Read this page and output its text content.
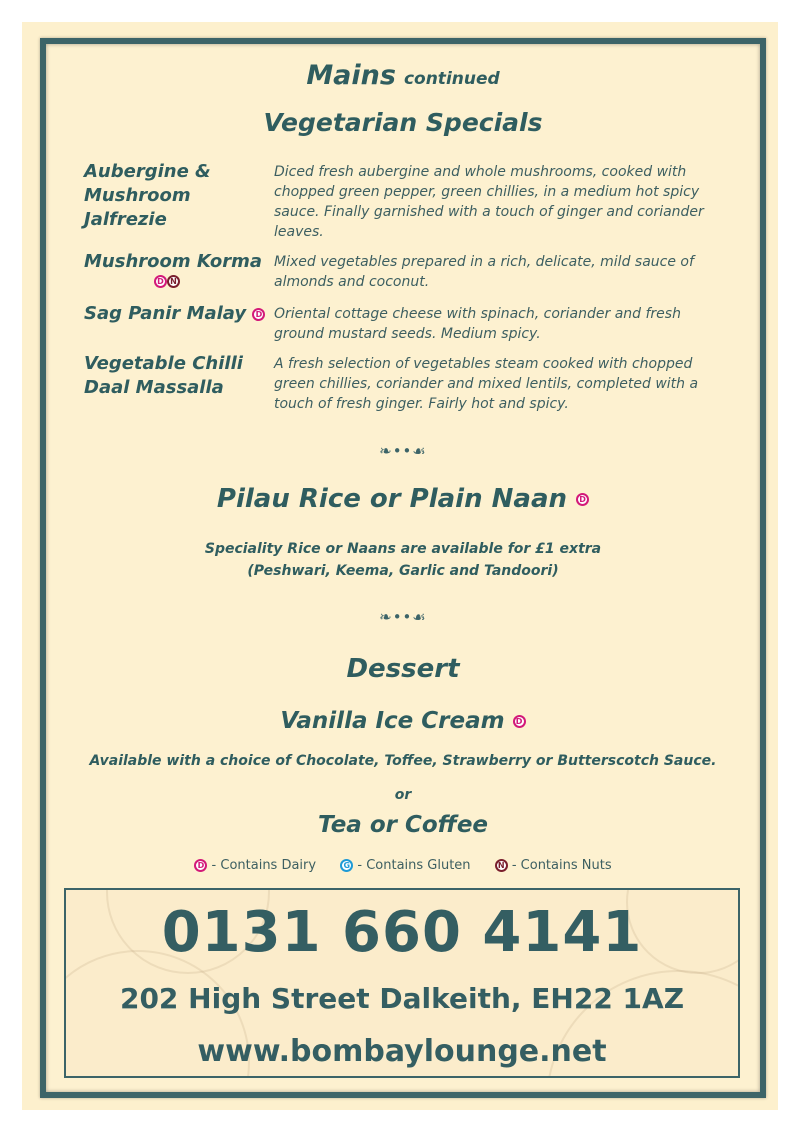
Mains continued
Vegetarian Specials
Aubergine & Mushroom Jalfrezie
Diced fresh aubergine and whole mushrooms, cooked with chopped green pepper, green chillies, in a medium hot spicy sauce. Finally garnished with a touch of ginger and coriander leaves.
Mushroom Korma
D N
Mixed vegetables prepared in a rich, delicate, mild sauce of almonds and coconut.
Sag Panir Malay D Oriental cottage cheese with spinach, coriander and fresh ground mustard seeds. Medium spicy.
Vegetable Chilli Daal Massalla
A fresh selection of vegetables steam cooked with chopped green chillies, coriander and mixed lentils, completed with a touch of fresh ginger. Fairly hot and spicy.
❧••☙
Pilau Rice or Plain Naan D
Speciality Rice or Naans are available for £1 extra
(Peshwari, Keema, Garlic and Tandoori)
❧••☙
Dessert
Vanilla Ice Cream D
Available with a choice of Chocolate, Toffee, Strawberry or Butterscotch Sauce.
or
Tea or Coffee
D - Contains Dairy	G - Contains Gluten	N - Contains Nuts
0131 660 4141
202 High Street Dalkeith, EH22 1AZ
www.bombaylounge.net
